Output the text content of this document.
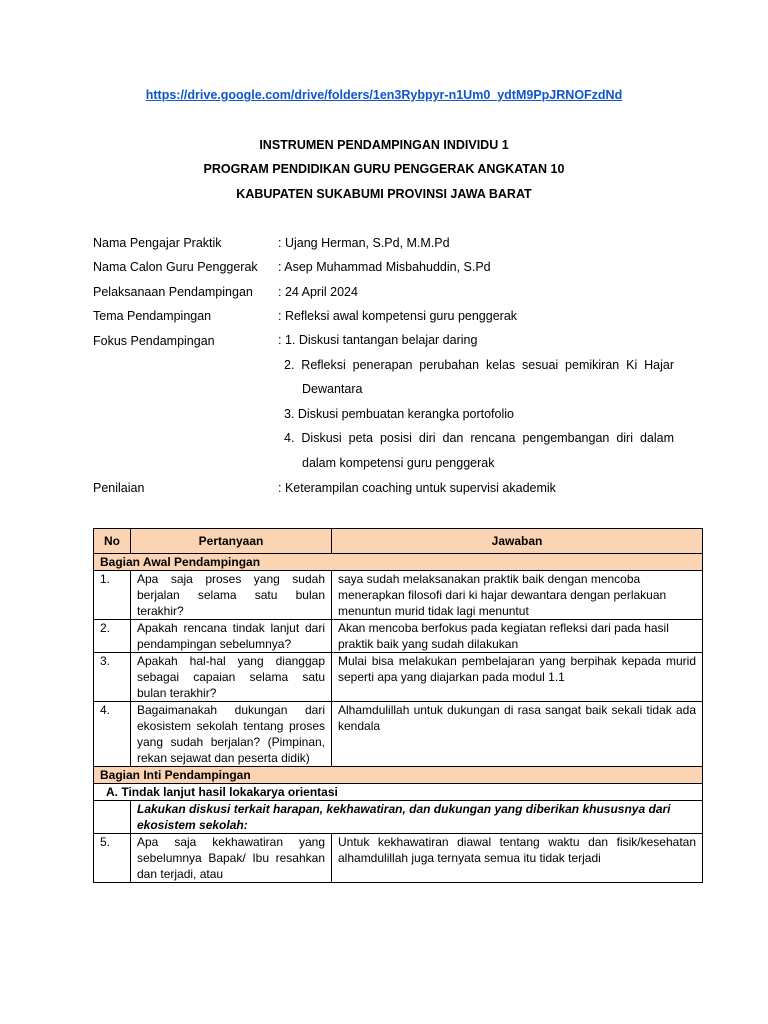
https://drive.google.com/drive/folders/1en3Rybpyr-n1Um0_ydtM9PpJRNOFzdNd
INSTRUMEN PENDAMPINGAN INDIVIDU 1
PROGRAM PENDIDIKAN GURU PENGGERAK ANGKATAN 10
KABUPATEN SUKABUMI PROVINSI JAWA BARAT
Nama Pengajar Praktik	: Ujang Herman, S.Pd, M.M.Pd
Nama Calon Guru Penggerak : Asep Muhammad Misbahuddin, S.Pd
Pelaksanaan Pendampingan : 24 April 2024
Tema Pendampingan	: Refleksi awal kompetensi guru penggerak
Fokus Pendampingan	: 1. Diskusi tantangan belajar daring
2. Refleksi penerapan perubahan kelas sesuai pemikiran Ki Hajar Dewantara
3. Diskusi pembuatan kerangka portofolio
4. Diskusi peta posisi diri dan rencana pengembangan diri dalam dalam kompetensi guru penggerak
Penilaian	: Keterampilan coaching untuk supervisi akademik
No	Pertanyaan	Jawaban
Bagian Awal Pendampingan		
1.	Apa saja proses yang sudah berjalan selama satu bulan terakhir?	saya sudah melaksanakan praktik baik dengan mencoba menerapkan filosofi dari ki hajar dewantara dengan perlakuan menuntun murid tidak lagi menuntut
2.	Apakah rencana tindak lanjut dari pendampingan sebelumnya?	Akan mencoba berfokus pada kegiatan refleksi dari pada hasil praktik baik yang sudah dilakukan
3.	Apakah hal-hal yang dianggap sebagai capaian selama satu bulan terakhir?	Mulai bisa melakukan pembelajaran yang berpihak kepada murid seperti apa yang diajarkan pada modul 1.1
4.	Bagaimanakah dukungan dari ekosistem sekolah tentang proses yang sudah berjalan? (Pimpinan, rekan sejawat dan peserta didik)	Alhamdulillah untuk dukungan di rasa sangat baik sekali tidak ada kendala
Bagian Inti Pendampingan		
A. Tindak lanjut hasil lokakarya orientasi		
	Lakukan diskusi terkait harapan, kekhawatiran, dan dukungan yang diberikan khususnya dari ekosistem sekolah:	
5.	Apa saja kekhawatiran yang sebelumnya Bapak/ Ibu resahkan dan terjadi, atau	Untuk kekhawatiran diawal tentang waktu dan fisik/kesehatan alhamdulillah juga ternyata semua itu tidak terjadi
